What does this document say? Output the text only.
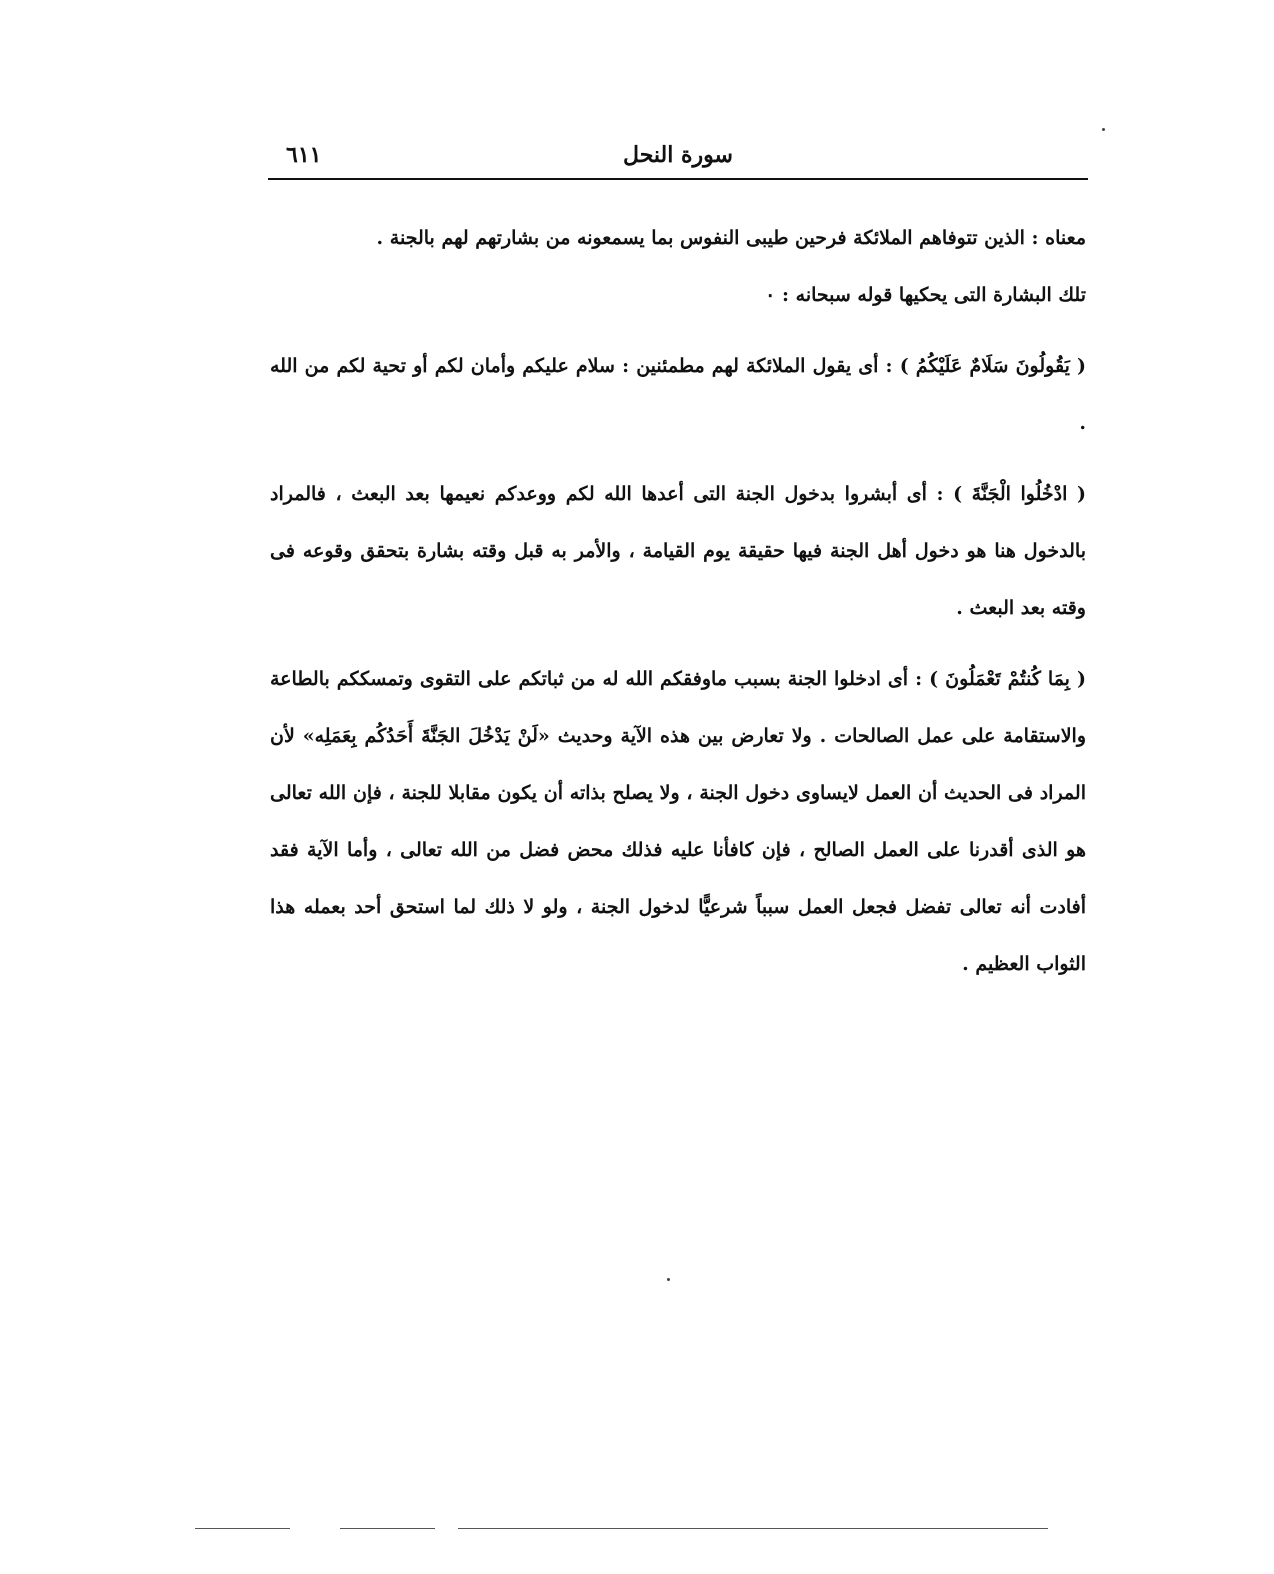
سورة النحل
٦١١

معناه : الذين تتوفاهم الملائكة فرحين طيبى النفوس بما يسمعونه من بشارتهم لهم بالجنة .
تلك البشارة التى يحكيها قوله سبحانه : ٠

( يَقُولُونَ سَلَامٌ عَلَيْكُمُ ) : أى يقول الملائكة لهم مطمئنين : سلام عليكم وأمان لكم أو تحية لكم من الله .

( ادْخُلُوا الْجَنَّةَ ) : أى أبشروا بدخول الجنة التى أعدها الله لكم ووعدكم نعيمها بعد البعث ، فالمراد بالدخول هنا هو دخول أهل الجنة فيها حقيقة يوم القيامة ، والأمر به قبل وقته بشارة بتحقق وقوعه فى وقته بعد البعث .

( بِمَا كُنتُمْ تَعْمَلُونَ ) : أى ادخلوا الجنة بسبب ماوفقكم الله له من ثباتكم على التقوى وتمسككم بالطاعة والاستقامة على عمل الصالحات . ولا تعارض بين هذه الآية وحديث «لَنْ يَدْخُلَ الجَنَّةَ أَحَدُكُم بِعَمَلِه» لأن المراد فى الحديث أن العمل لايساوى دخول الجنة ، ولا يصلح بذاته أن يكون مقابلا للجنة ، فإن الله تعالى هو الذى أقدرنا على العمل الصالح ، فإن كافأنا عليه فذلك محض فضل من الله تعالى ، وأما الآية فقد أفادت أنه تعالى تفضل فجعل العمل سبباً شرعيًّا لدخول الجنة ، ولو لا ذلك لما استحق أحد بعمله هذا الثواب العظيم .
